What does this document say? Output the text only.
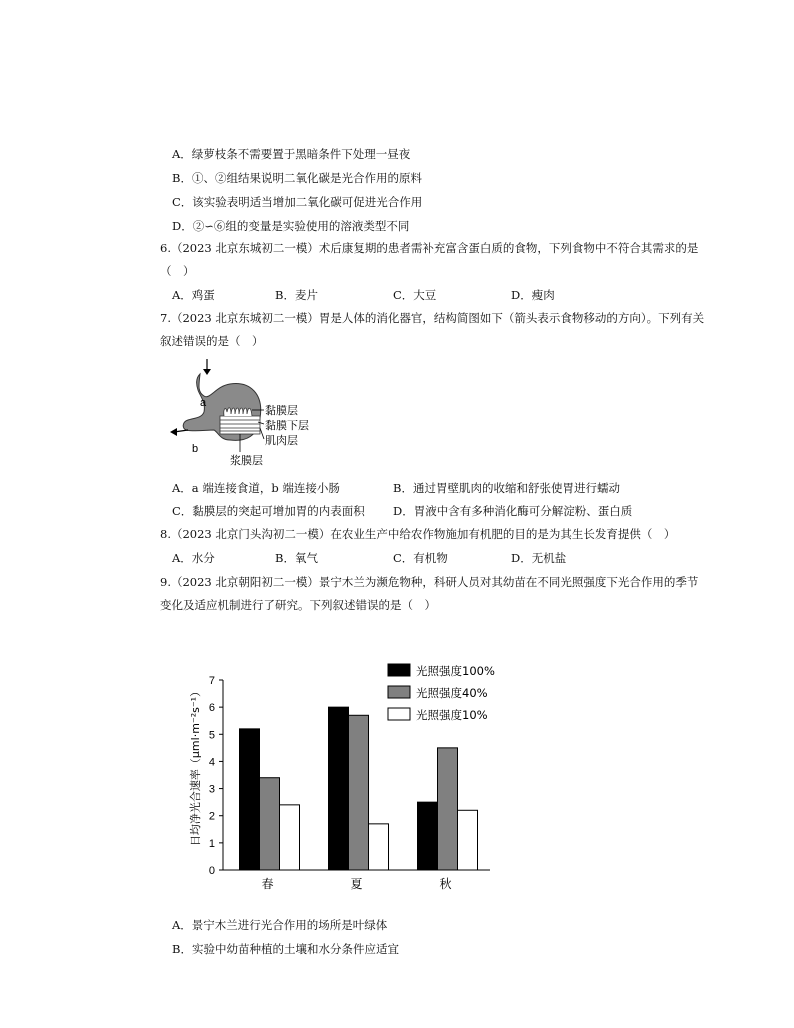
A．绿萝枝条不需要置于黑暗条件下处理一昼夜
B．①、②组结果说明二氧化碳是光合作用的原料
C．该实验表明适当增加二氧化碳可促进光合作用
D．②∽⑥组的变量是实验使用的溶液类型不同
6.（2023 北京东城初二一模）术后康复期的患者需补充富含蛋白质的食物，下列食物中不符合其需求的是
（　）
A．鸡蛋	B．麦片	C．大豆	D．瘦肉
7.（2023 北京东城初二一模）胃是人体的消化器官，结构简图如下（箭头表示食物移动的方向）。下列有关
叙述错误的是（　）
a
b
黏膜层
黏膜下层
肌肉层
浆膜层
A．a 端连接食道，b 端连接小肠	B．通过胃壁肌肉的收缩和舒张使胃进行蠕动
C．黏膜层的突起可增加胃的内表面积 D．胃液中含有多种消化酶可分解淀粉、蛋白质
8.（2023 北京门头沟初二一模）在农业生产中给农作物施加有机肥的目的是为其生长发育提供（　）
A．水分	B．氧气	C．有机物	D．无机盐
9.（2023 北京朝阳初二一模）景宁木兰为濒危物种，科研人员对其幼苗在不同光照强度下光合作用的季节
变化及适应机制进行了研究。下列叙述错误的是（　）
0
1
2
3
4
5
6
7
春	夏	秋
日均净光合速率（μml·m⁻²s⁻¹）
光照强度100%
光照强度40%
光照强度10%
A．景宁木兰进行光合作用的场所是叶绿体
B．实验中幼苗种植的土壤和水分条件应适宜
